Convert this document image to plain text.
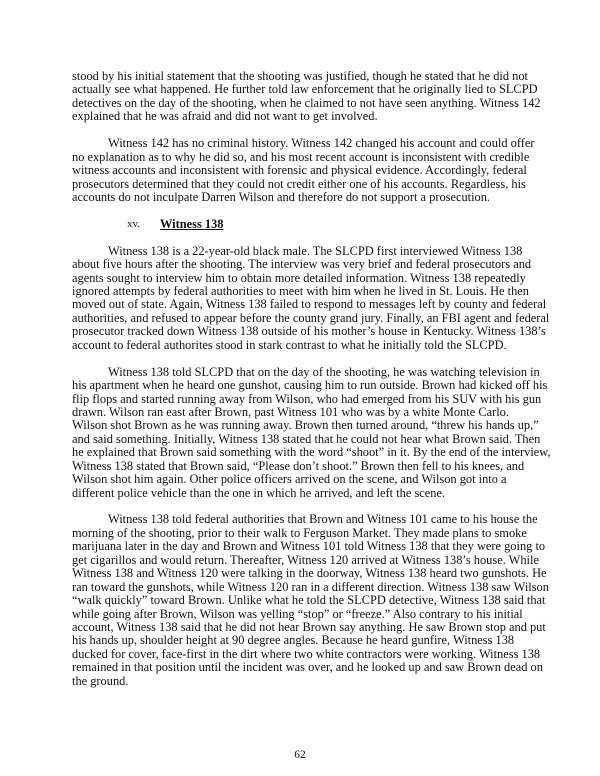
stood by his initial statement that the shooting was justified, though he stated that he did not
actually see what happened. He further told law enforcement that he originally lied to SLCPD
detectives on the day of the shooting, when he claimed to not have seen anything. Witness 142
explained that he was afraid and did not want to get involved.
Witness 142 has no criminal history. Witness 142 changed his account and could offer
no explanation as to why he did so, and his most recent account is inconsistent with credible
witness accounts and inconsistent with forensic and physical evidence. Accordingly, federal
prosecutors determined that they could not credit either one of his accounts. Regardless, his
accounts do not inculpate Darren Wilson and therefore do not support a prosecution.
xv. Witness 138
Witness 138 is a 22-year-old black male. The SLCPD first interviewed Witness 138
about five hours after the shooting. The interview was very brief and federal prosecutors and
agents sought to interview him to obtain more detailed information. Witness 138 repeatedly
ignored attempts by federal authorities to meet with him when he lived in St. Louis. He then
moved out of state. Again, Witness 138 failed to respond to messages left by county and federal
authorities, and refused to appear before the county grand jury. Finally, an FBI agent and federal
prosecutor tracked down Witness 138 outside of his mother’s house in Kentucky. Witness 138’s
account to federal authorites stood in stark contrast to what he initially told the SLCPD.
Witness 138 told SLCPD that on the day of the shooting, he was watching television in
his apartment when he heard one gunshot, causing him to run outside. Brown had kicked off his
flip flops and started running away from Wilson, who had emerged from his SUV with his gun
drawn. Wilson ran east after Brown, past Witness 101 who was by a white Monte Carlo.
Wilson shot Brown as he was running away. Brown then turned around, “threw his hands up,”
and said something. Initially, Witness 138 stated that he could not hear what Brown said. Then
he explained that Brown said something with the word “shoot” in it. By the end of the interview,
Witness 138 stated that Brown said, “Please don’t shoot.” Brown then fell to his knees, and
Wilson shot him again. Other police officers arrived on the scene, and Wilson got into a
different police vehicle than the one in which he arrived, and left the scene.
Witness 138 told federal authorities that Brown and Witness 101 came to his house the
morning of the shooting, prior to their walk to Ferguson Market. They made plans to smoke
marijuana later in the day and Brown and Witness 101 told Witness 138 that they were going to
get cigarillos and would return. Thereafter, Witness 120 arrived at Witness 138’s house. While
Witness 138 and Witness 120 were talking in the doorway, Witness 138 heard two gunshots. He
ran toward the gunshots, while Witness 120 ran in a different direction. Witness 138 saw Wilson
“walk quickly” toward Brown. Unlike what he told the SLCPD detective, Witness 138 said that
while going after Brown, Wilson was yelling “stop” or “freeze.” Also contrary to his initial
account, Witness 138 said that he did not hear Brown say anything. He saw Brown stop and put
his hands up, shoulder height at 90 degree angles. Because he heard gunfire, Witness 138
ducked for cover, face-first in the dirt where two white contractors were working. Witness 138
remained in that position until the incident was over, and he looked up and saw Brown dead on
the ground.
62
